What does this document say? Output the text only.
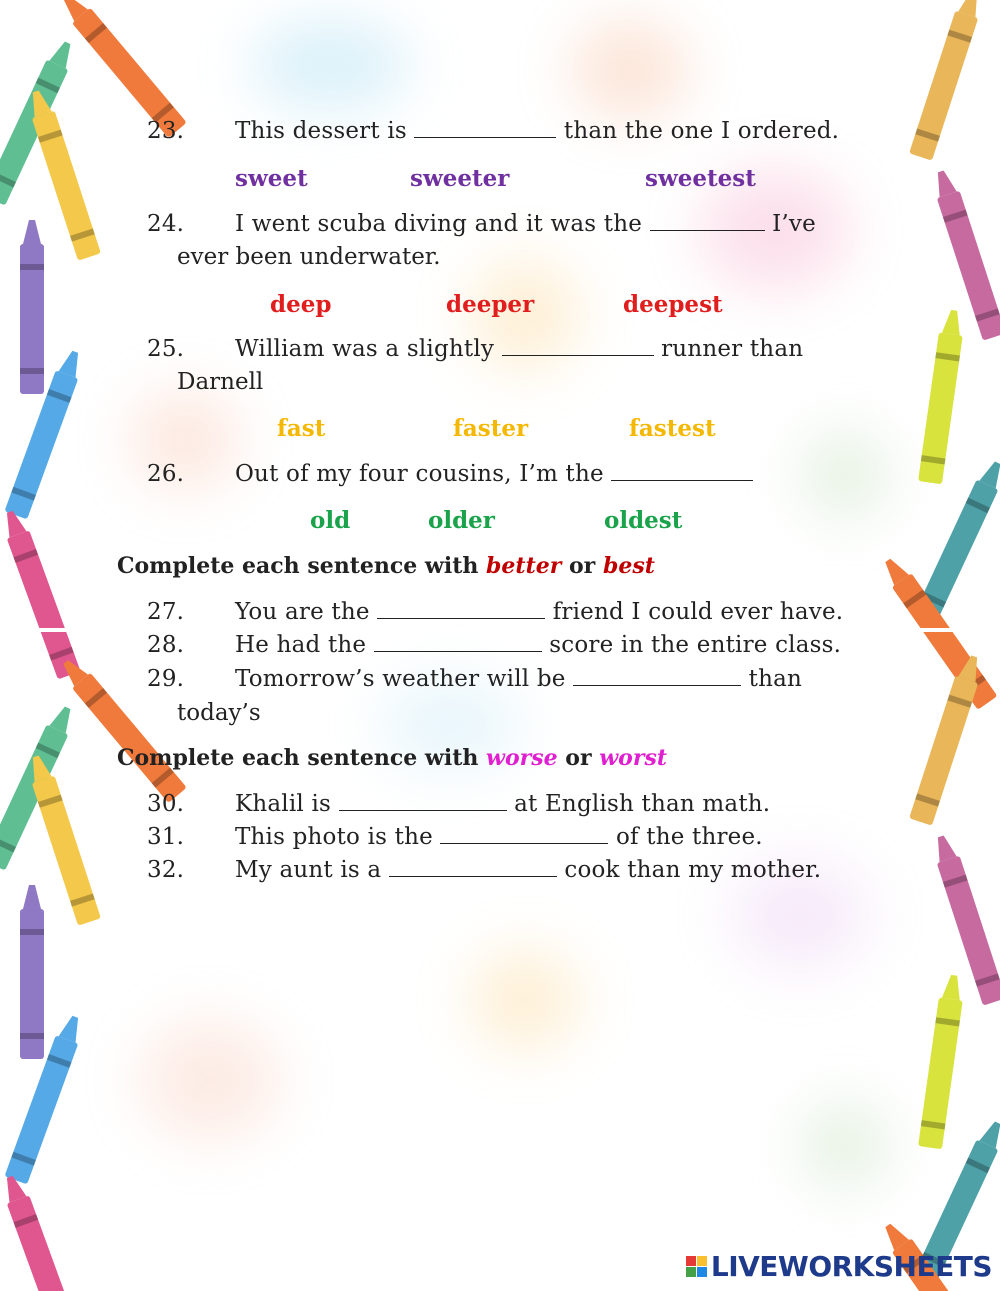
23. This dessert is	than the one I ordered.
sweet	sweeter	sweetest
24. I went scuba diving and it was the	I’ve
ever been underwater.
deep	deeper	deepest
25. William was a slightly	runner than
Darnell
fast	faster	fastest
26. Out of my four cousins, I’m the
old	older	oldest
Complete each sentence with better or best
27. You are the	friend I could ever have.
28. He had the	score in the entire class.
29. Tomorrow’s weather will be	than
today’s
Complete each sentence with worse or worst
30. Khalil is	at English than math.
31. This photo is the	of the three.
32. My aunt is a	cook than my mother.
LIVEWORKSHEETS
